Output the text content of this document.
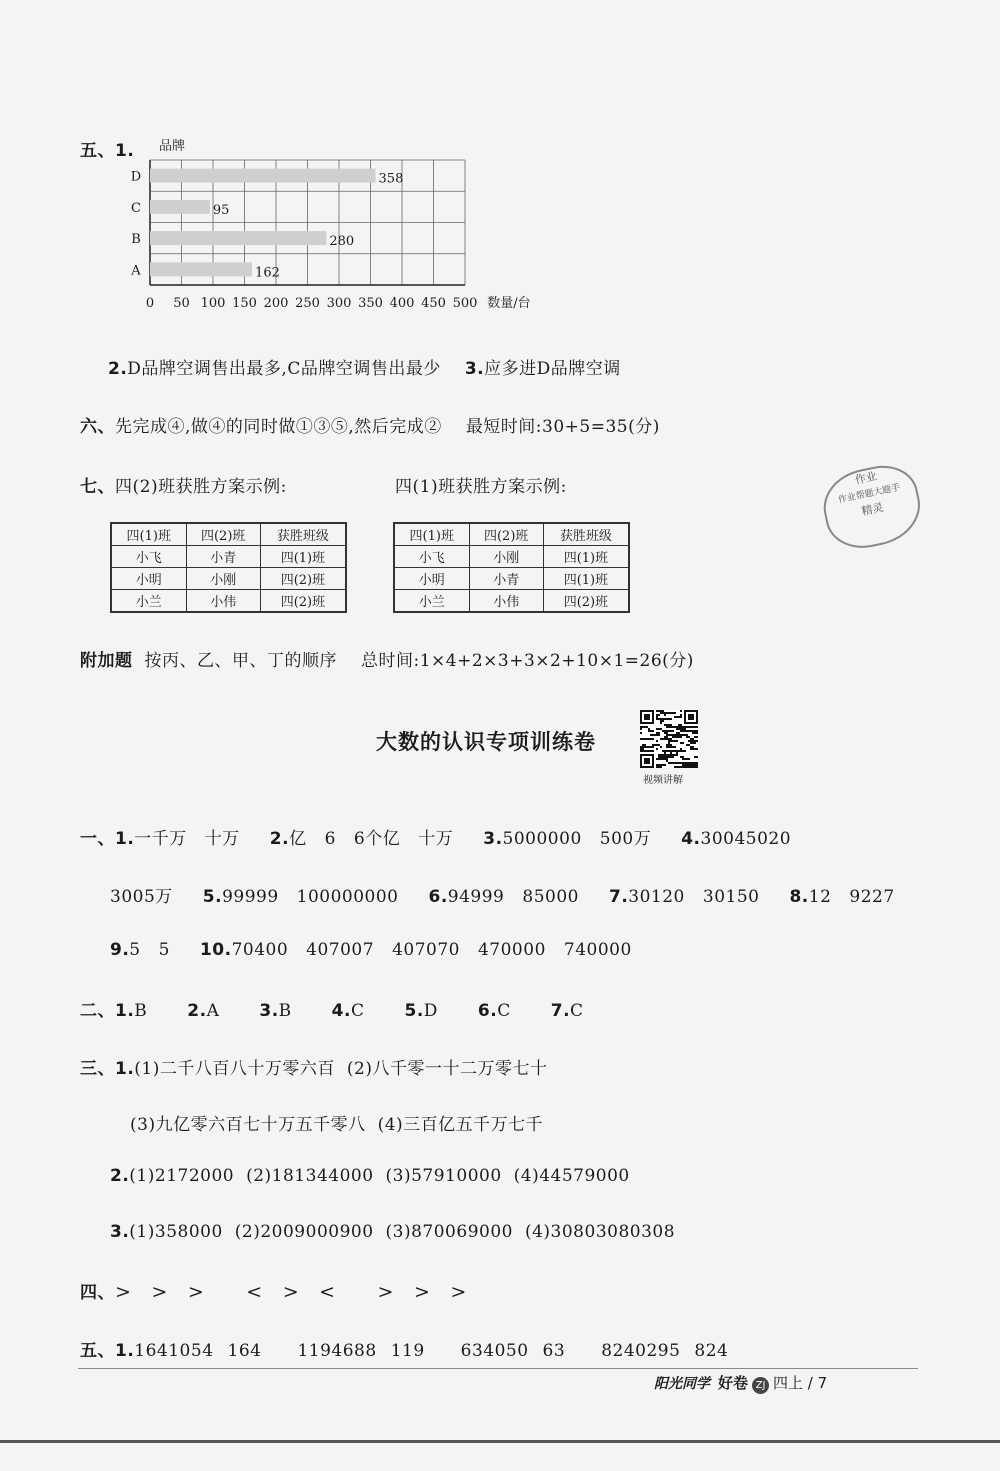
五、1.
0 50 100 150 200 250 300 350 400 450 500
358
D
95
C
280
B
162
A
品牌
数量/台
2.D品牌空调售出最多,C品牌空调售出最少 3.应多进D品牌空调
六、先完成④,做④的同时做①③⑤,然后完成② 最短时间:30+5=35(分)
七、四(2)班获胜方案示例:	四(1)班获胜方案示例:
四(1)班	四(2)班	获胜班级
小飞	小青	四(1)班
小明	小刚	四(2)班
小兰	小伟	四(2)班
四(1)班	四(2)班	获胜班级
小飞	小刚	四(1)班
小明	小青	四(1)班
小兰	小伟	四(2)班
作业
作业帮题大题手
精灵
附加题 按丙、乙、甲、丁的顺序 总时间:1×4+2×3+3×2+10×1=26(分)
大数的认识专项训练卷
视频讲解
一、1.一千万 十万 2.亿 6 6个亿 十万 3.5000000 500万 4.30045020
3005万 5.99999 100000000 6.94999 85000 7.30120 30150 8.12 9227
9.5 5 10.70400 407007 407070 470000 740000
二、1.B 2.A 3.B 4.C 5.D 6.C 7.C
三、1.(1)二千八百八十万零六百 (2)八千零一十二万零七十
(3)九亿零六百七十万五千零八 (4)三百亿五千万七千
2.(1)2172000 (2)181344000 (3)57910000 (4)44579000
3.(1)358000 (2)2009000900 (3)870069000 (4)30803080308
四、> > > < > < > > >
五、1.1641054 164 1194688 119 634050 63 8240295 824
阳光同学 好卷 ZJ 四上 / 7
